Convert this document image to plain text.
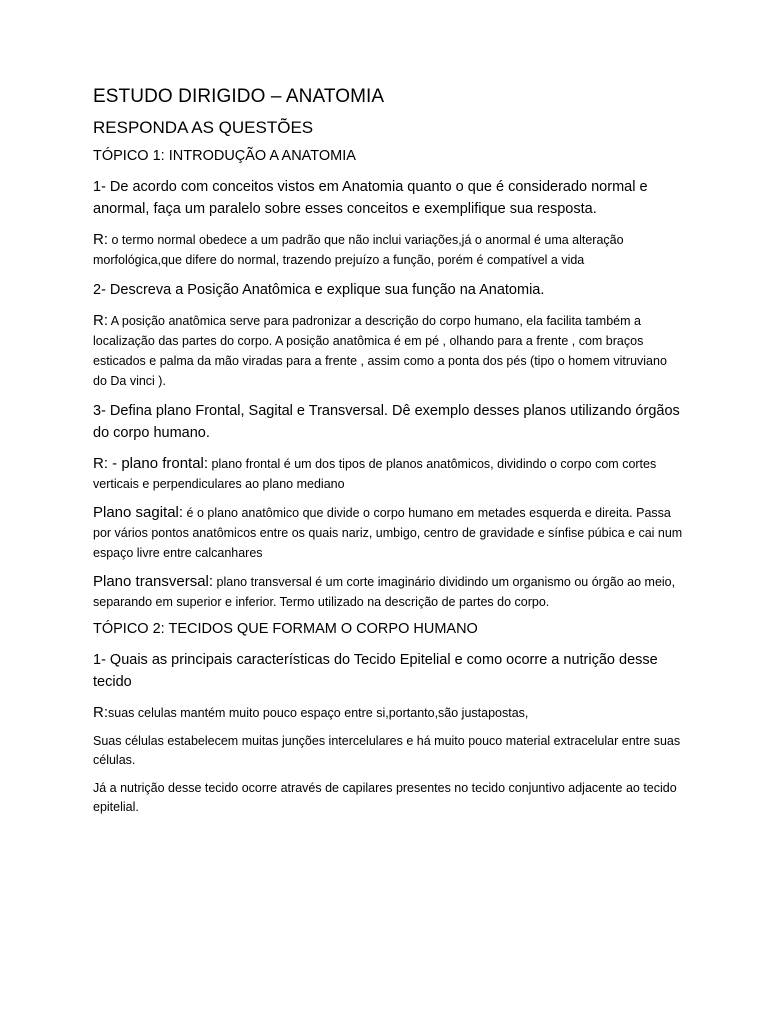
ESTUDO DIRIGIDO – ANATOMIA
RESPONDA AS QUESTÕES
TÓPICO 1: INTRODUÇÃO A ANATOMIA
1- De acordo com conceitos vistos em Anatomia quanto o que é considerado normal e anormal, faça um paralelo sobre esses conceitos e exemplifique sua resposta.
R: o termo normal obedece a um padrão que não inclui variações,já o anormal é uma alteração morfológica,que difere do normal, trazendo prejuízo a função, porém é compatível a vida
2- Descreva a Posição Anatômica e explique sua função na Anatomia.
R: A posição anatômica serve para padronizar a descrição do corpo humano, ela facilita também a localização das partes do corpo. A posição anatômica é em pé , olhando para a frente , com braços esticados e palma da mão viradas para a frente , assim como a ponta dos pés (tipo o homem vitruviano do Da vinci ).
3- Defina plano Frontal, Sagital e Transversal. Dê exemplo desses planos utilizando órgãos do corpo humano.
R: - plano frontal: plano frontal é um dos tipos de planos anatômicos, dividindo o corpo com cortes verticais e perpendiculares ao plano mediano
Plano sagital: é o plano anatômico que divide o corpo humano em metades esquerda e direita. Passa por vários pontos anatômicos entre os quais nariz, umbigo, centro de gravidade e sínfise púbica e cai num espaço livre entre calcanhares
Plano transversal: plano transversal é um corte imaginário dividindo um organismo ou órgão ao meio, separando em superior e inferior. Termo utilizado na descrição de partes do corpo.
TÓPICO 2: TECIDOS QUE FORMAM O CORPO HUMANO
1- Quais as principais características do Tecido Epitelial e como ocorre a nutrição desse tecido
R:suas celulas mantém muito pouco espaço entre si,portanto,são justapostas,
Suas células estabelecem muitas junções intercelulares e há muito pouco material extracelular entre suas células.
Já a nutrição desse tecido ocorre através de capilares presentes no tecido conjuntivo adjacente ao tecido epitelial.
